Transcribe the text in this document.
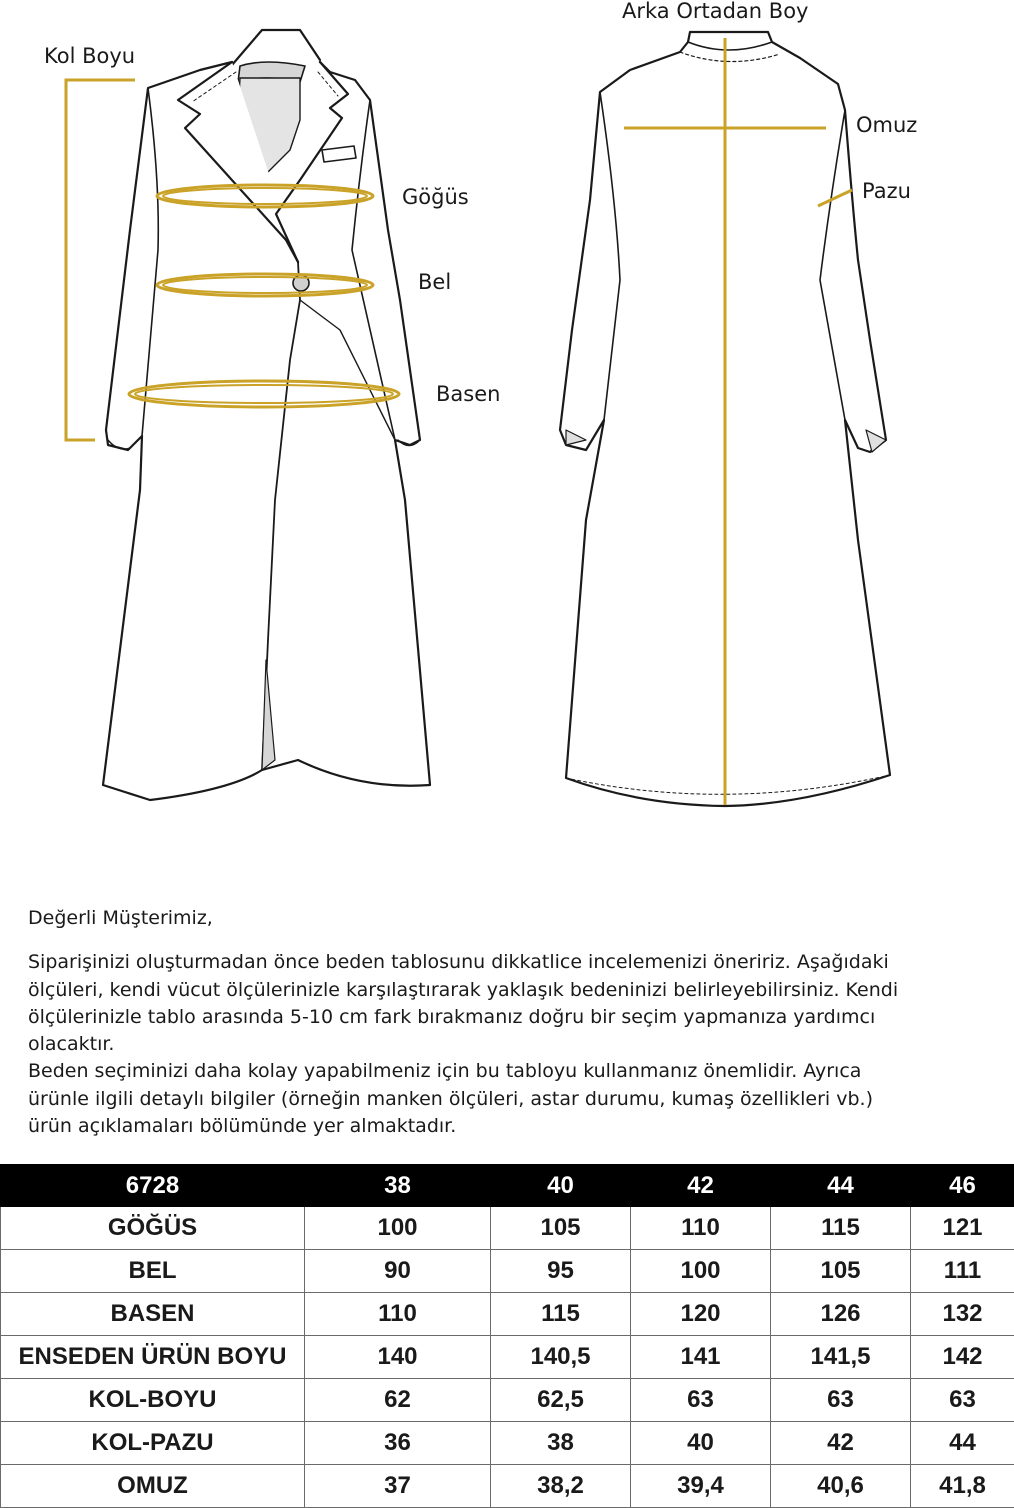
Kol Boyu
Göğüs
Bel
Basen
Arka Ortadan Boy
Omuz
Pazu

Değerli Müşterimiz,

Siparişinizi oluşturmadan önce beden tablosunu dikkatlice incelemenizi öneririz. Aşağıdaki

ölçüleri, kendi vücut ölçülerinizle karşılaştırarak yaklaşık bedeninizi belirleyebilirsiniz. Kendi

ölçülerinizle tablo arasında 5-10 cm fark bırakmanız doğru bir seçim yapmanıza yardımcı

olacaktır.

Beden seçiminizi daha kolay yapabilmeniz için bu tabloyu kullanmanız önemlidir. Ayrıca

ürünle ilgili detaylı bilgiler (örneğin manken ölçüleri, astar durumu, kumaş özellikleri vb.)

ürün açıklamaları bölümünde yer almaktadır.

6728	38	40	42	44	46
GÖĞÜS	100	105	110	115	121
BEL	90	95	100	105	111
BASEN	110	115	120	126	132
ENSEDEN ÜRÜN BOYU	140	140,5	141	141,5	142
KOL-BOYU	62	62,5	63	63	63
KOL-PAZU	36	38	40	42	44
OMUZ	37	38,2	39,4	40,6	41,8
